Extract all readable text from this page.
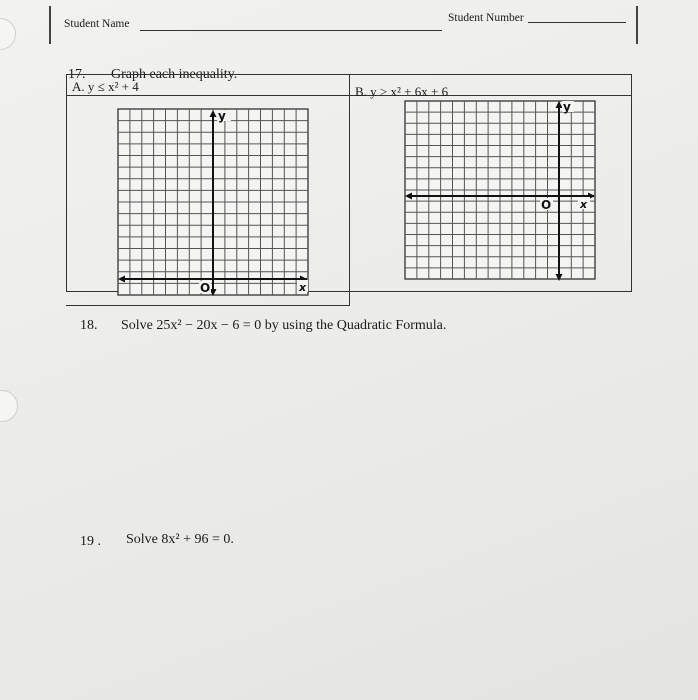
Student Name	Student Number
17. Graph each inequality.
A. y ≤ x² + 4	B. y > x² + 6x + 6
y
O	x
y
O	x
18. Solve 25x² − 20x − 6 = 0 by using the Quadratic Formula.
19 . Solve 8x² + 96 = 0.
